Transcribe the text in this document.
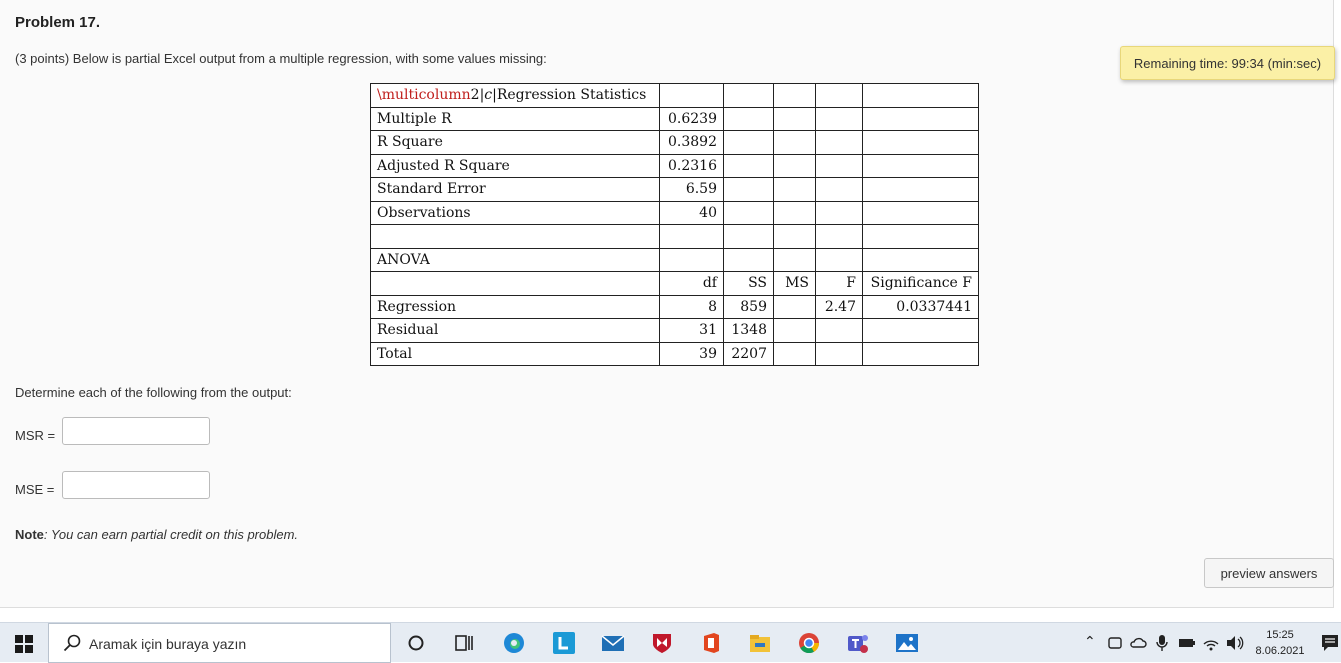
Problem 17.
(3 points) Below is partial Excel output from a multiple regression, with some values missing:	Remaining time: 99:34 (min:sec)
\multicolumn2|c|Regression Statistics					
Multiple R	0.6239				
R Square	0.3892				
Adjusted R Square	0.2316				
Standard Error	6.59				
Observations	40				

ANOVA					
	df	SS	MS	F	Significance F
Regression	8	859		2.47	0.0337441
Residual	31	1348			
Total	39	2207			
Determine each of the following from the output:
MSR =
MSE =
Note: You can earn partial credit on this problem.
preview answers
Aramak için buraya yazın	⌃	15:25
8.06.2021
